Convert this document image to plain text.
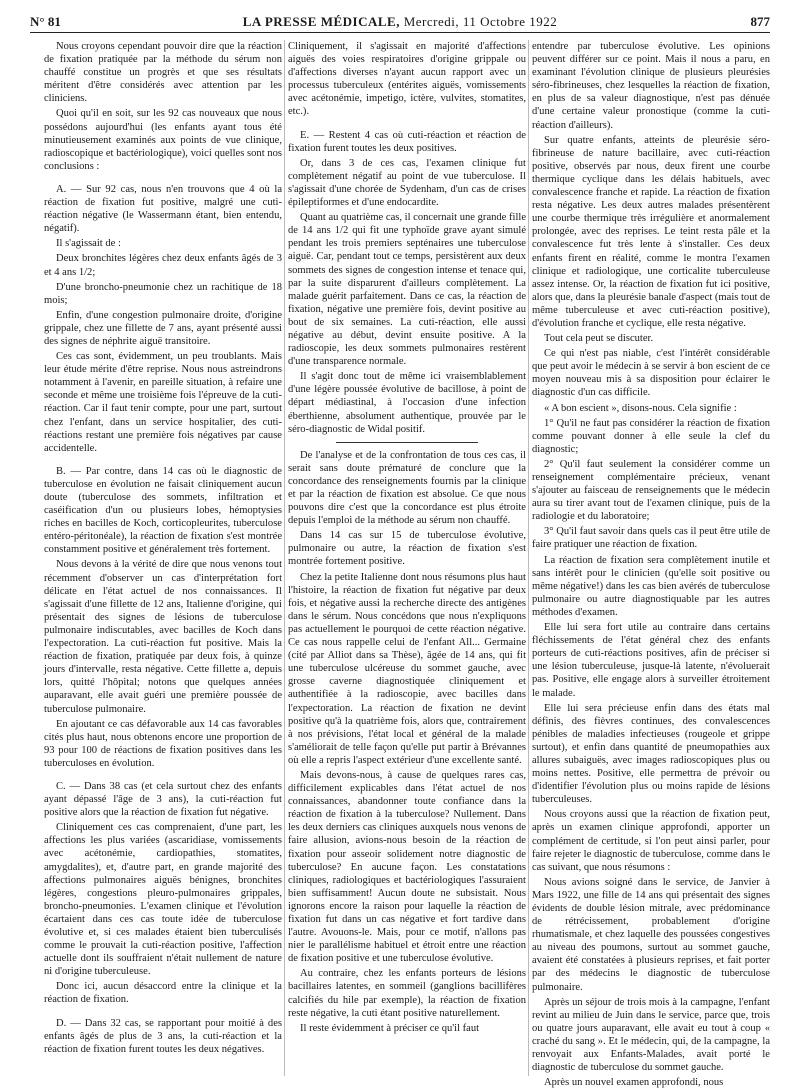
N° 81	LA PRESSE MÉDICALE, Mercredi, 11 Octobre 1922	877

Nous croyons cependant pouvoir dire que la réaction de fixation pratiquée par la méthode du sérum non chauffé constitue un progrès et que ses résultats méritent d'être considérés avec attention par les cliniciens.

Quoi qu'il en soit, sur les 92 cas nouveaux que nous possédons aujourd'hui (les enfants ayant tous été minutieusement examinés aux points de vue clinique, radioscopique et bactériologique), voici quelles sont nos conclusions :

A. — Sur 92 cas, nous n'en trouvons que 4 où la réaction de fixation fut positive, malgré une cuti-réaction négative (le Wassermann étant, bien entendu, négatif).

Il s'agissait de :

Deux bronchites légères chez deux enfants âgés de 3 et 4 ans 1/2;

D'une broncho-pneumonie chez un rachitique de 18 mois;

Enfin, d'une congestion pulmonaire droite, d'origine grippale, chez une fillette de 7 ans, ayant présenté aussi des signes de néphrite aiguë transitoire.

Ces cas sont, évidemment, un peu troublants. Mais leur étude mérite d'être reprise. Nous nous astreindrons notamment à l'avenir, en pareille situation, à refaire une seconde et même une troisième fois l'épreuve de la cuti-réaction. Car il faut tenir compte, pour une part, surtout chez l'enfant, dans un service hospitalier, des cuti-réactions restant une première fois négatives par cause accidentelle.

B. — Par contre, dans 14 cas où le diagnostic de tuberculose en évolution ne faisait cliniquement aucun doute (tuberculose des sommets, infiltration et caséification d'un ou plusieurs lobes, hémoptysies riches en bacilles de Koch, corticopleurites, tuberculose entéro-péritonéale), la réaction de fixation s'est montrée constamment positive et généralement très fortement.

Nous devons à la vérité de dire que nous venons tout récemment d'observer un cas d'interprétation fort délicate en l'état actuel de nos connaissances. Il s'agissait d'une fillette de 12 ans, Italienne d'origine, qui présentait des signes de lésions de tuberculose pulmonaire indiscutables, avec bacilles de Koch dans l'expectoration. La cuti-réaction fut positive. Mais la réaction de fixation, pratiquée par deux fois, à quinze jours d'intervalle, resta négative. Cette fillette a, depuis lors, quitté l'hôpital; notons que quelques années auparavant, elle avait guéri une première poussée de tuberculose pulmonaire.

En ajoutant ce cas défavorable aux 14 cas favorables cités plus haut, nous obtenons encore une proportion de 93 pour 100 de réactions de fixation positives dans les tuberculoses en évolution.

C. — Dans 38 cas (et cela surtout chez des enfants ayant dépassé l'âge de 3 ans), la cuti-réaction fut positive alors que la réaction de fixation fut négative.

Cliniquement ces cas comprenaient, d'une part, les affections les plus variées (ascaridiase, vomissements avec acétonémie, cardiopathies, stomatites, amygdalites), et, d'autre part, en grande majorité des affections pulmonaires aiguës bénignes, bronchites légères, congestions pleuro-pulmonaires grippales, broncho-pneumonies. L'examen clinique et l'évolution écartaient dans ces cas toute idée de tuberculose évolutive et, si ces malades étaient bien tuberculisés comme le prouvait la cuti-réaction positive, l'affection actuelle dont ils souffraient n'était nullement de nature ni d'origine tuberculeuse.

Donc ici, aucun désaccord entre la clinique et la réaction de fixation.

D. — Dans 32 cas, se rapportant pour moitié à des enfants âgés de plus de 3 ans, la cuti-réaction et la réaction de fixation furent toutes les deux négatives.

Cliniquement, il s'agissait en majorité d'affections aiguës des voies respiratoires d'origine grippale ou d'affections diverses n'ayant aucun rapport avec un processus tuberculeux (entérites aiguës, vomissements avec acétonémie, impetigo, ictère, vulvites, stomatites, etc.).

E. — Restent 4 cas où cuti-réaction et réaction de fixation furent toutes les deux positives.

Or, dans 3 de ces cas, l'examen clinique fut complètement négatif au point de vue tuberculose. Il s'agissait d'une chorée de Sydenham, d'un cas de crises épileptiformes et d'une endocardite.

Quant au quatrième cas, il concernait une grande fille de 14 ans 1/2 qui fit une typhoïde grave ayant simulé pendant les trois premiers septénaires une tuberculose aiguë. Car, pendant tout ce temps, persistèrent aux deux sommets des signes de congestion intense et tenace qui, par la suite disparurent d'ailleurs complètement. La malade guérit parfaitement. Dans ce cas, la réaction de fixation, négative une première fois, devint positive au bout de six semaines. La cuti-réaction, elle aussi négative au début, devint ensuite positive. A la radioscopie, les deux sommets pulmonaires restèrent d'une transparence normale.

Il s'agit donc tout de même ici vraisemblablement d'une légère poussée évolutive de bacillose, à point de départ médiastinal, à l'occasion d'une infection éberthienne, absolument authentique, prouvée par le séro-diagnostic de Widal positif.

De l'analyse et de la confrontation de tous ces cas, il serait sans doute prématuré de conclure que la concordance des renseignements fournis par la clinique et par la réaction de fixation est absolue. Ce que nous pouvons dire c'est que la concordance est plus étroite depuis l'emploi de la méthode au sérum non chauffé.

Dans 14 cas sur 15 de tuberculose évolutive, pulmonaire ou autre, la réaction de fixation s'est montrée fortement positive.

Chez la petite Italienne dont nous résumons plus haut l'histoire, la réaction de fixation fut négative par deux fois, et négative aussi la recherche directe des antigènes dans le sérum. Nous concédons que nous n'expliquons pas actuellement le pourquoi de cette réaction négative. Ce cas nous rappelle celui de l'enfant All... Germaine (cité par Alliot dans sa Thèse), âgée de 14 ans, qui fit une tuberculose ulcéreuse du sommet gauche, avec grosse caverne diagnostiquée cliniquement et authentifiée à la radioscopie, avec bacilles dans l'expectoration. La réaction de fixation ne devint positive qu'à la quatrième fois, alors que, contrairement à nos prévisions, l'état local et général de la malade s'améliorait de telle façon qu'elle put partir à Brévannes où elle a repris l'aspect extérieur d'une excellente santé.

Mais devons-nous, à cause de quelques rares cas, difficilement explicables dans l'état actuel de nos connaissances, abandonner toute confiance dans la réaction de fixation à la tuberculose? Nullement. Dans les deux derniers cas cliniques auxquels nous venons de faire allusion, avions-nous besoin de la réaction de fixation pour asseoir solidement notre diagnostic de tuberculose? En aucune façon. Les constatations cliniques, radiologiques et bactériologiques l'assuraient bien suffisamment! Aucun doute ne subsistait. Nous ignorons encore la raison pour laquelle la réaction de fixation fut dans un cas négative et fort tardive dans l'autre. Avouons-le. Mais, pour ce motif, n'allons pas nier le parallélisme habituel et étroit entre une réaction de fixation positive et une tuberculose évolutive.

Au contraire, chez les enfants porteurs de lésions bacillaires latentes, en sommeil (ganglions bacillifères calcifiés du hile par exemple), la réaction de fixation reste négative, la cuti étant positive naturellement.

Il reste évidemment à préciser ce qu'il faut

entendre par tuberculose évolutive. Les opinions peuvent différer sur ce point. Mais il nous a paru, en examinant l'évolution clinique de plusieurs pleurésies séro-fibrineuses, chez lesquelles la réaction de fixation, en plus de sa valeur diagnostique, n'est pas dénuée d'une certaine valeur pronostique (comme la cuti-réaction d'ailleurs).

Sur quatre enfants, atteints de pleurésie séro-fibrineuse de nature bacillaire, avec cuti-réaction positive, observés par nous, deux firent une courbe thermique cyclique dans les délais habituels, avec convalescence franche et rapide. La réaction de fixation resta négative. Les deux autres malades présentèrent une courbe thermique très irrégulière et anormalement prolongée, avec des reprises. Le teint resta pâle et la convalescence fut très lente à s'installer. Ces deux enfants firent en réalité, comme le montra l'examen clinique et radiologique, une corticalite tuberculeuse assez intense. Or, la réaction de fixation fut ici positive, alors que, dans la pleurésie banale d'aspect (mais tout de même tuberculeuse et avec cuti-réaction positive), d'évolution franche et cyclique, elle resta négative.

Tout cela peut se discuter.

Ce qui n'est pas niable, c'est l'intérêt considérable que peut avoir le médecin à se servir à bon escient de ce moyen nouveau mis à sa disposition pour éclairer le diagnostic d'un cas difficile.

« A bon escient », disons-nous. Cela signifie :

1° Qu'il ne faut pas considérer la réaction de fixation comme pouvant donner à elle seule la clef du diagnostic;

2° Qu'il faut seulement la considérer comme un renseignement complémentaire précieux, venant s'ajouter au faisceau de renseignements que le médecin aura su tirer avant tout de l'examen clinique, puis de la radiologie et du laboratoire;

3° Qu'il faut savoir dans quels cas il peut être utile de faire pratiquer une réaction de fixation.

La réaction de fixation sera complètement inutile et sans intérêt pour le clinicien (qu'elle soit positive ou même négative!) dans les cas bien avérés de tuberculose pulmonaire ou autre diagnostiquable par les autres méthodes d'examen.

Elle lui sera fort utile au contraire dans certains fléchissements de l'état général chez des enfants porteurs de cuti-réactions positives, afin de préciser si une lésion tuberculeuse, jusque-là latente, n'évoluerait pas. Positive, elle engage alors à surveiller étroitement le malade.

Elle lui sera précieuse enfin dans des états mal définis, des fièvres continues, des convalescences pénibles de maladies infectieuses (rougeole et grippe surtout), et enfin dans quantité de pneumopathies aux allures subaiguës, avec images radioscopiques plus ou moins nettes. Positive, elle permettra de prévoir ou d'identifier l'évolution plus ou moins rapide de lésions tuberculeuses.

Nous croyons aussi que la réaction de fixation peut, après un examen clinique approfondi, apporter un complément de certitude, si l'on peut ainsi parler, pour faire rejeter le diagnostic de tuberculose, comme dans le cas suivant, que nous résumons :

Nous avions soigné dans le service, de Janvier à Mars 1922, une fille de 14 ans qui présentait des signes évidents de double lésion mitrale, avec prédominance de rétrécissement, probablement d'origine rhumatismale, et chez laquelle des poussées congestives au niveau des poumons, surtout au sommet gauche, avaient été constatées à plusieurs reprises, et fait porter par des médecins le diagnostic de tuberculose pulmonaire.

Après un séjour de trois mois à la campagne, l'enfant revint au milieu de Juin dans le service, parce que, trois ou quatre jours auparavant, elle avait eu tout à coup « craché du sang ». Et le médecin, qui, de la campagne, la renvoyait aux Enfants-Malades, avait porté le diagnostic de tuberculose du sommet gauche.

Après un nouvel examen approfondi, nous
